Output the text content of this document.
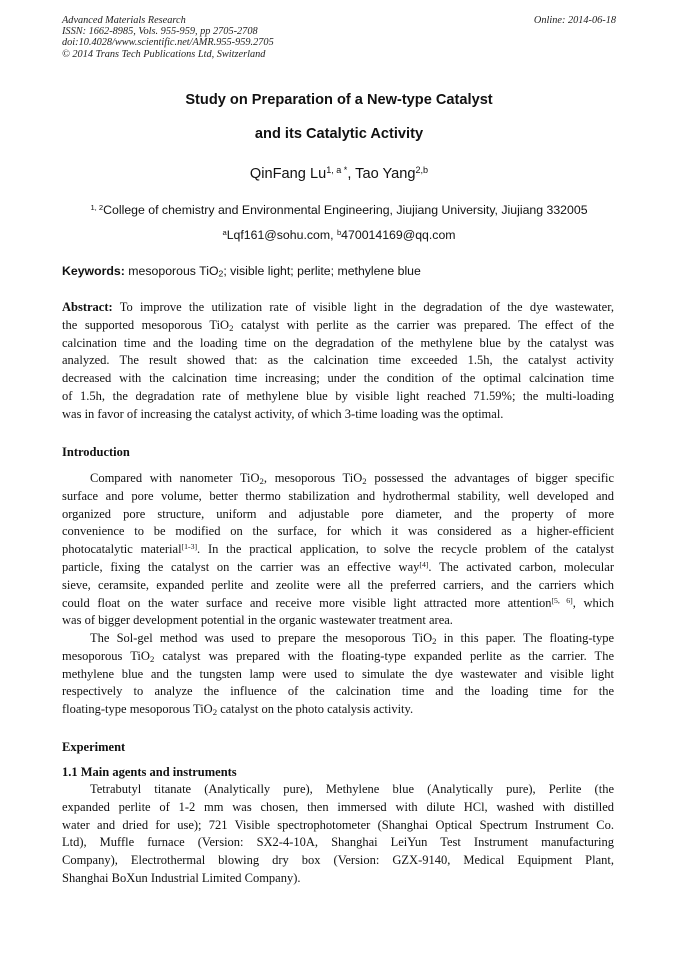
Advanced Materials Research
ISSN: 1662-8985, Vols. 955-959, pp 2705-2708
doi:10.4028/www.scientific.net/AMR.955-959.2705
© 2014 Trans Tech Publications Ltd, Switzerland
Online: 2014-06-18
Study on Preparation of a New-type Catalyst
and its Catalytic Activity
QinFang $Lu^{1, a *}$, Tao Yang$^{2,b}$
$^{1, 2}$College of chemistry and Environmental Engineering, Jiujiang University, Jiujiang 332005
$^a$Lqf161@sohu.com, $^b$470014169@qq.com
Keywords: mesoporous TiO$_2$; visible light; perlite; methylene blue
Abstract: To improve the utilization rate of visible light in the degradation of the dye wastewater,
the supported mesoporous TiO$_2$ catalyst with perlite as the carrier was prepared. The effect of the
calcination time and the loading time on the degradation of the methylene blue by the catalyst was
analyzed. The result showed that: as the calcination time exceeded 1.5h, the catalyst activity
decreased with the calcination time increasing; under the condition of the optimal calcination time
of 1.5h, the degradation rate of methylene blue by visible light reached 71.59%; the multi-loading
was in favor of increasing the catalyst activity, of which 3-time loading was the optimal.
Introduction
Compared with nanometer TiO$_2$, mesoporous TiO$_2$ possessed the advantages of bigger specific
surface and pore volume, better thermo stabilization and hydrothermal stability, well developed and
organized pore structure, uniform and adjustable pore diameter, and the property of more
convenience to be modified on the surface, for which it was considered as a higher-efficient
photocatalytic material[1-3]. In the practical application, to solve the recycle problem of the catalyst
particle, fixing the catalyst on the carrier was an effective way[4]. The activated carbon, molecular
sieve, ceramsite, expanded perlite and zeolite were all the preferred carriers, and the carriers which
could float on the water surface and receive more visible light attracted more attention[5, 6], which
was of bigger development potential in the organic wastewater treatment area.
The Sol-gel method was used to prepare the mesoporous TiO$_2$ in this paper. The floating-type
mesoporous TiO$_2$ catalyst was prepared with the floating-type expanded perlite as the carrier. The
methylene blue and the tungsten lamp were used to simulate the dye wastewater and visible light
respectively to analyze the influence of the calcination time and the loading time for the
floating-type mesoporous TiO$_2$ catalyst on the photo catalysis activity.
Experiment
1.1 Main agents and instruments
Tetrabutyl titanate (Analytically pure), Methylene blue (Analytically pure), Perlite (the
expanded perlite of 1-2 mm was chosen, then immersed with dilute HCl, washed with distilled
water and dried for use); 721 Visible spectrophotometer (Shanghai Optical Spectrum Instrument Co.
Ltd), Muffle furnace (Version: SX2-4-10A, Shanghai LeiYun Test Instrument manufacturing
Company), Electrothermal blowing dry box (Version: GZX-9140, Medical Equipment Plant,
Shanghai BoXun Industrial Limited Company).
